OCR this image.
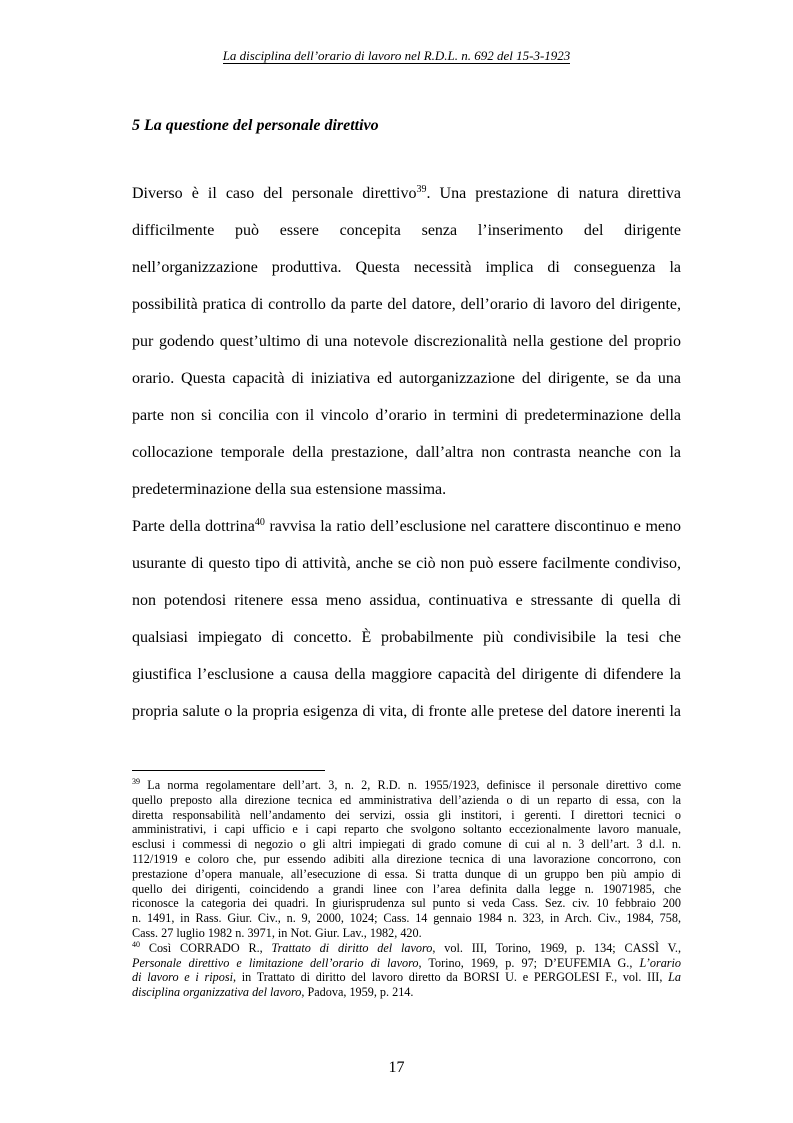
La disciplina dell’orario di lavoro nel R.D.L. n. 692 del 15-3-1923
5 La questione del personale direttivo
Diverso è il caso del personale direttivo$^{39}$. Una prestazione di natura direttiva
difficilmente può essere concepita senza l’inserimento del dirigente
nell’organizzazione produttiva. Questa necessità implica di conseguenza la
possibilità pratica di controllo da parte del datore, dell’orario di lavoro del dirigente,
pur godendo quest’ultimo di una notevole discrezionalità nella gestione del proprio
orario. Questa capacità di iniziativa ed autorganizzazione del dirigente, se da una
parte non si concilia con il vincolo d’orario in termini di predeterminazione della
collocazione temporale della prestazione, dall’altra non contrasta neanche con la
predeterminazione della sua estensione massima.
Parte della dottrina$^{40}$ ravvisa la ratio dell’esclusione nel carattere discontinuo e meno
usurante di questo tipo di attività, anche se ciò non può essere facilmente condiviso,
non potendosi ritenere essa meno assidua, continuativa e stressante di quella di
qualsiasi impiegato di concetto. È probabilmente più condivisibile la tesi che
giustifica l’esclusione a causa della maggiore capacità del dirigente di difendere la
propria salute o la propria esigenza di vita, di fronte alle pretese del datore inerenti la
$^{39}$ La norma regolamentare dell’art. 3, n. 2, R.D. n. 1955/1923, definisce il personale direttivo come
quello preposto alla direzione tecnica ed amministrativa dell’azienda o di un reparto di essa, con la
diretta responsabilità nell’andamento dei servizi, ossia gli institori, i gerenti. I direttori tecnici o
amministrativi, i capi ufficio e i capi reparto che svolgono soltanto eccezionalmente lavoro manuale,
esclusi i commessi di negozio o gli altri impiegati di grado comune di cui al n. 3 dell’art. 3 d.l. n.
112/1919 e coloro che, pur essendo adibiti alla direzione tecnica di una lavorazione concorrono, con
prestazione d’opera manuale, all’esecuzione di essa. Si tratta dunque di un gruppo ben più ampio di
quello dei dirigenti, coincidendo a grandi linee con l’area definita dalla legge n. 19071985, che
riconosce la categoria dei quadri. In giurisprudenza sul punto si veda Cass. Sez. civ. 10 febbraio 200
n. 1491, in Rass. Giur. Civ., n. 9, 2000, 1024; Cass. 14 gennaio 1984 n. 323, in Arch. Civ., 1984, 758,
Cass. 27 luglio 1982 n. 3971, in Not. Giur. Lav., 1982, 420.
$^{40}$ Così CORRADO R., Trattato di diritto del lavoro, vol. III, Torino, 1969, p. 134; CASSÌ V.,
Personale direttivo e limitazione dell’orario di lavoro, Torino, 1969, p. 97; D’EUFEMIA G., L’orario
di lavoro e i riposi, in Trattato di diritto del lavoro diretto da BORSI U. e PERGOLESI F., vol. III, La
disciplina organizzativa del lavoro, Padova, 1959, p. 214.
17
